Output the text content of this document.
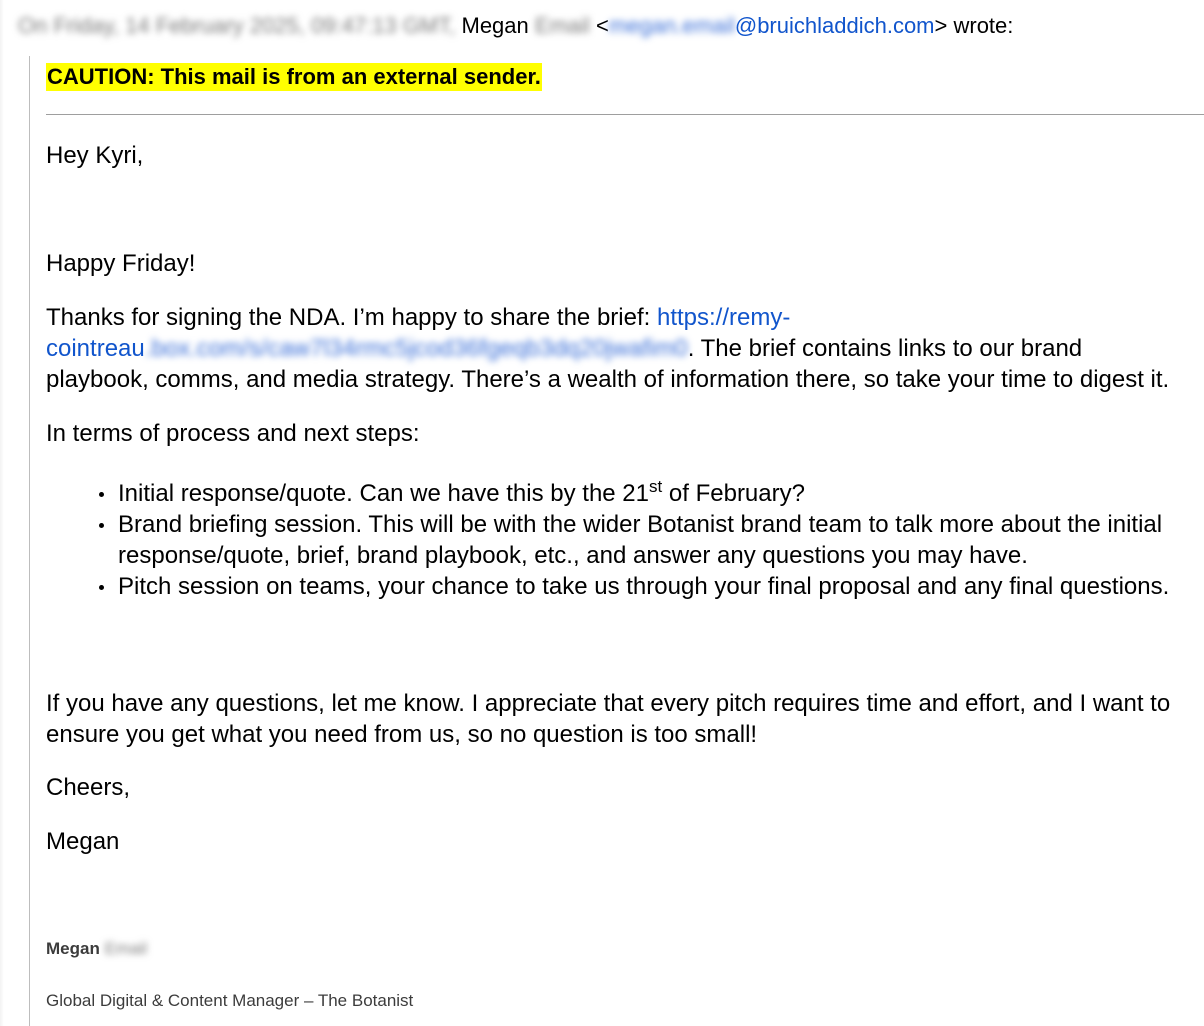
On Friday, 14 February 2025, 09:47:13 GMT, Megan Email <megan.email@bruichladdich.com> wrote:
CAUTION: This mail is from an external sender.
Hey Kyri,
Happy Friday!
Thanks for signing the NDA. I’m happy to share the brief: https://remy-cointreau.box.com/s/caw7l34rmc5jcod36fgeqb3dq20jwafim0. The brief contains links to our brand playbook, comms, and media strategy. There’s a wealth of information there, so take your time to digest it.
In terms of process and next steps:
Initial response/quote. Can we have this by the 21st of February?
Brand briefing session. This will be with the wider Botanist brand team to talk more about the initial response/quote, brief, brand playbook, etc., and answer any questions you may have.
Pitch session on teams, your chance to take us through your final proposal and any final questions.
If you have any questions, let me know. I appreciate that every pitch requires time and effort, and I want to ensure you get what you need from us, so no question is too small!
Cheers,
Megan
Megan Email
Global Digital & Content Manager – The Botanist
